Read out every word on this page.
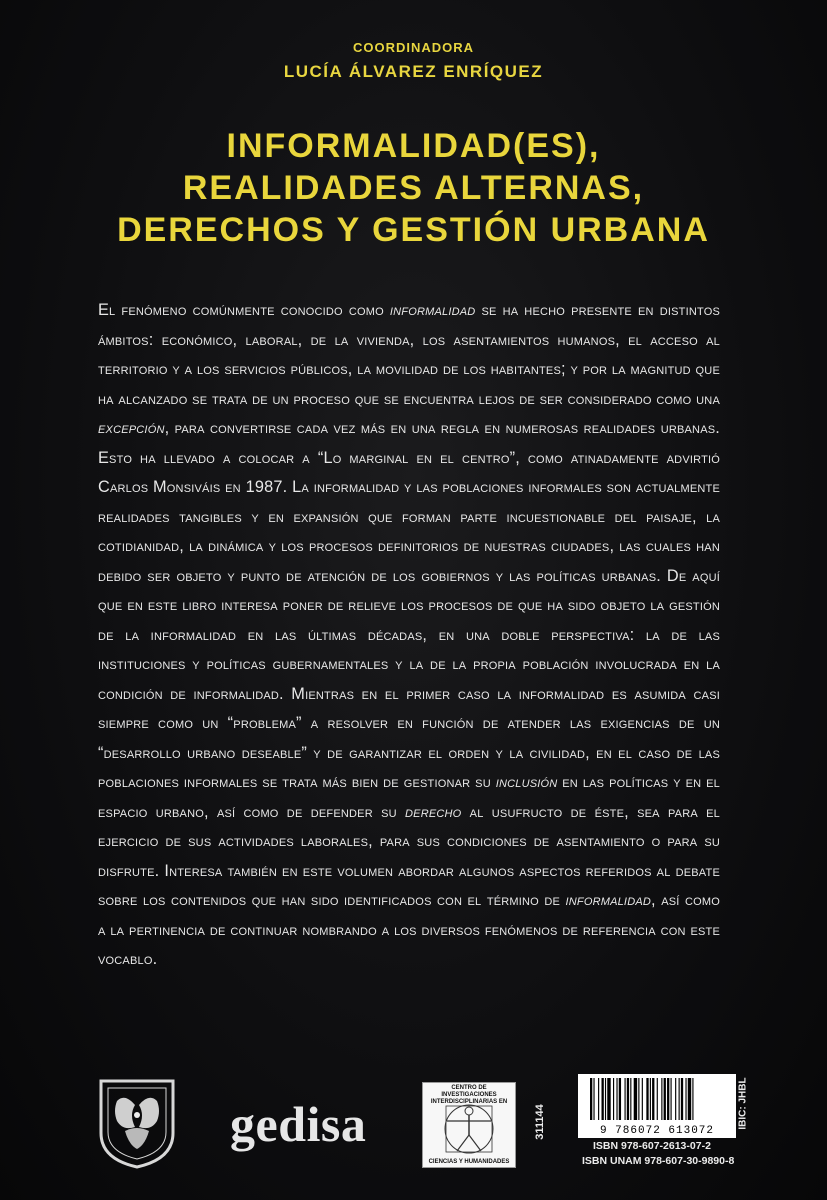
COORDINADORA
LUCÍA ÁLVAREZ ENRÍQUEZ
INFORMALIDAD(ES),
REALIDADES ALTERNAS,
DERECHOS Y GESTIÓN URBANA
El fenómeno comúnmente conocido como informalidad se ha hecho presente en distintos ámbitos: económico, laboral, de la vivienda, los asentamientos humanos, el acceso al territorio y a los servicios públicos, la movilidad de los habitantes; y por la magnitud que ha alcanzado se trata de un proceso que se encuentra lejos de ser considerado como una excepción, para convertirse cada vez más en una regla en numerosas realidades urbanas. Esto ha llevado a colocar a “Lo marginal en el centro”, como atinadamente advirtió Carlos Monsiváis en 1987. La informalidad y las poblaciones informales son actualmente realidades tangibles y en expansión que forman parte incuestionable del paisaje, la cotidianidad, la dinámica y los procesos definitorios de nuestras ciudades, las cuales han debido ser objeto y punto de atención de los gobiernos y las políticas urbanas. De aquí que en este libro interesa poner de relieve los procesos de que ha sido objeto la gestión de la informalidad en las últimas décadas, en una doble perspectiva: la de las instituciones y políticas gubernamentales y la de la propia población involucrada en la condición de informalidad. Mientras en el primer caso la informalidad es asumida casi siempre como un “problema” a resolver en función de atender las exigencias de un “desarrollo urbano deseable” y de garantizar el orden y la civilidad, en el caso de las poblaciones informales se trata más bien de gestionar su inclusión en las políticas y en el espacio urbano, así como de defender su derecho al usufructo de éste, sea para el ejercicio de sus actividades laborales, para sus condiciones de asentamiento o para su disfrute. Interesa también en este volumen abordar algunos aspectos referidos al debate sobre los contenidos que han sido identificados con el término de informalidad, así como a la pertinencia de continuar nombrando a los diversos fenómenos de referencia con este vocablo.
gedisa
CENTRO DE INVESTIGACIONES INTERDISCIPLINARIAS EN
CIENCIAS Y HUMANIDADES
311144	9 786072 613072
IBIC: JHBL
ISBN 978-607-2613-07-2
ISBN UNAM 978-607-30-9890-8
